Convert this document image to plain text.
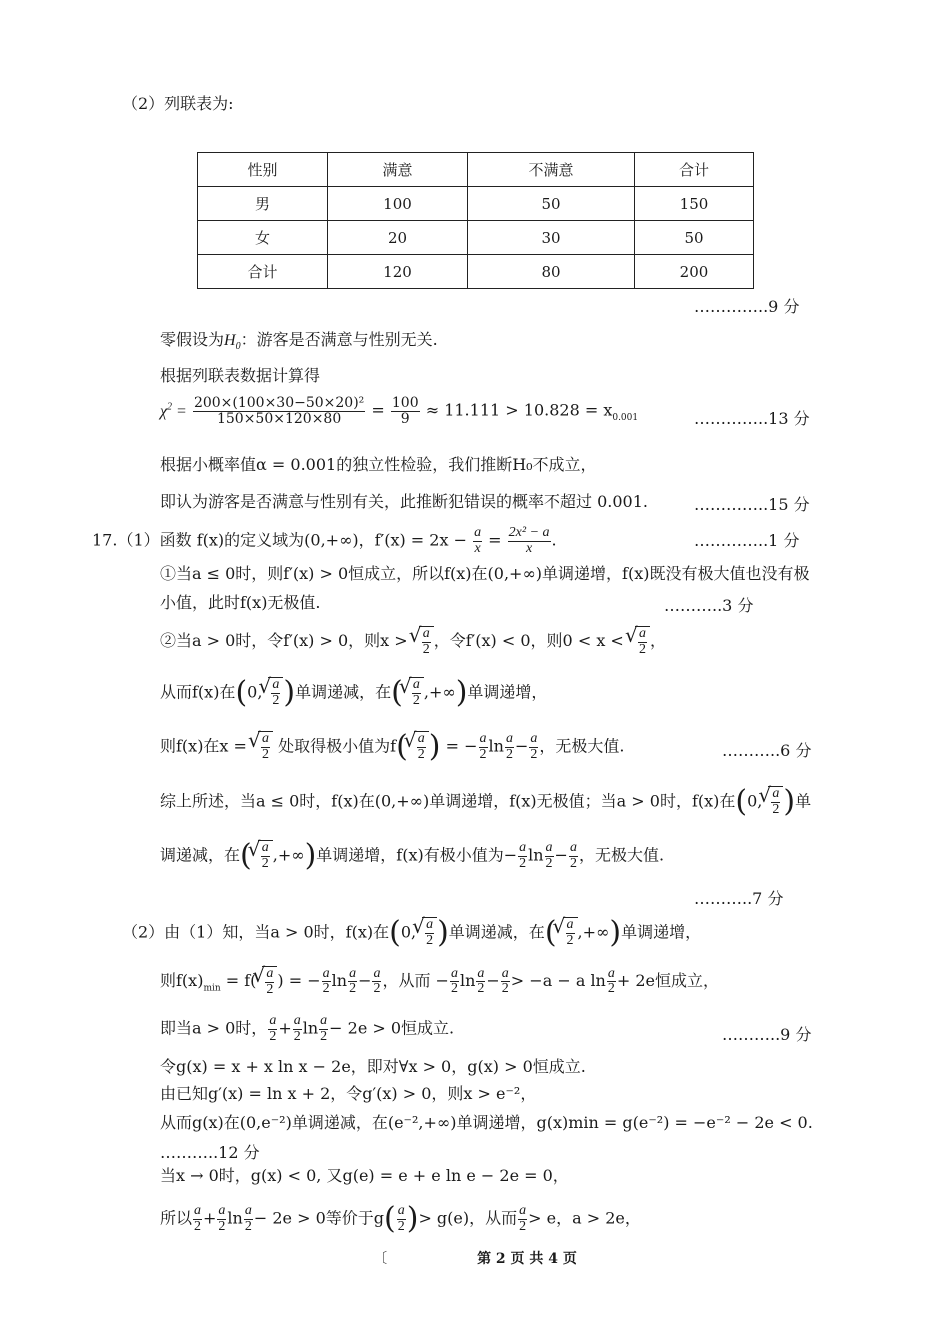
（2）列联表为:
性别	满意	不满意	合计
男	100	50	150
女	20	30	50
合计	120	80	200
…………..9 分
零假设为$H_0$：游客是否满意与性别无关.
根据列联表数据计算得
$\chi^2 = \frac{\text{200×(100×30−50×20)²}}{150\times 50\times 120\times 80} = \frac{100}{9} \approx 11.111 > 10.828 = x_{0.001}$	…………..13 分
根据小概率值α = 0.001的独立性检验，我们推断H₀不成立，
即认为游客是否满意与性别有关，此推断犯错误的概率不超过 0.001.	…………..15 分
17.（1）函数 f(x)的定义域为(0,+∞)，$f'(x) = 2x - \frac{a}{x} = \frac{\text{2x² − a}}{x}$ .	…………..1 分
①当a ≤ 0时，则f′(x) > 0恒成立，所以f(x)在(0,+∞)单调递增，f(x)既没有极大值也没有极
小值，此时f(x)无极值.	………..3 分
②当a > 0时，令f′(x) > 0，则x > √ $\frac{a}{2}$ ，令f′(x) < 0，则0 < x < √ $\frac{a}{2}$ ，
从而f(x)在(0, √ $\frac{a}{2}$ )单调递减，在( √ $\frac{a}{2}$ ,+∞)单调递增，
则f(x)在x = √ $\frac{a}{2}$ 处取得极小值为f( √ $\frac{a}{2}$ ) = − $\frac{a}{2}$ $\ln \frac{a}{2} - \frac{a}{2}$ ，无极大值.	………..6 分
综上所述，当a ≤ 0时，f(x)在(0,+∞)单调递增，f(x)无极值；当a > 0时，f(x)在(0, √ $\frac{a}{2}$ )单
调递减，在( √ $\frac{a}{2}$ ,+∞)单调递增，f(x)有极小值为− $\frac{a}{2}$ $\ln \frac{a}{2} - \frac{a}{2}$ ，无极大值.
………..7 分
（2）由（1）知，当a > 0时，f(x)在(0, √ $\frac{a}{2}$ )单调递减，在( √ $\frac{a}{2}$ ,+∞)单调递增，
则$f(x)_{min} = f$( √ $\frac{a}{2}$ ) = − $\frac{a}{2}$ $\ln \frac{a}{2} - \frac{a}{2}$ ，从而 − $\frac{a}{2}$ $\ln \frac{a}{2} - \frac{a}{2} > -a - a$ $\ln \frac{a}{2} + 2e$恒成立，
即当a > 0时， $\frac{a}{2} + \frac{a}{2}$ $\ln \frac{a}{2} - 2e > 0$恒成立.	………..9 分
令g(x) = x + x ln x − 2e，即对∀x > 0，g(x) > 0恒成立.
由已知g′(x) = ln x + 2，令g′(x) > 0，则x > e⁻²，
从而g(x)在(0,e⁻²)单调递减，在(e⁻²,+∞)单调递增，g(x)min = g(e⁻²) = −e⁻² − 2e < 0.
………..12 分
当x → 0时，g(x) < 0, 又g(e) = e + e ln e − 2e = 0，
所以 $\frac{a}{2} + \frac{a}{2}$ $\ln \frac{a}{2} - 2e > 0$等价于$g( \frac{a}{2}$ )> g(e)，从而 $\frac{a}{2} > e$，a > 2e，
〔	第 2 页 共 4 页
